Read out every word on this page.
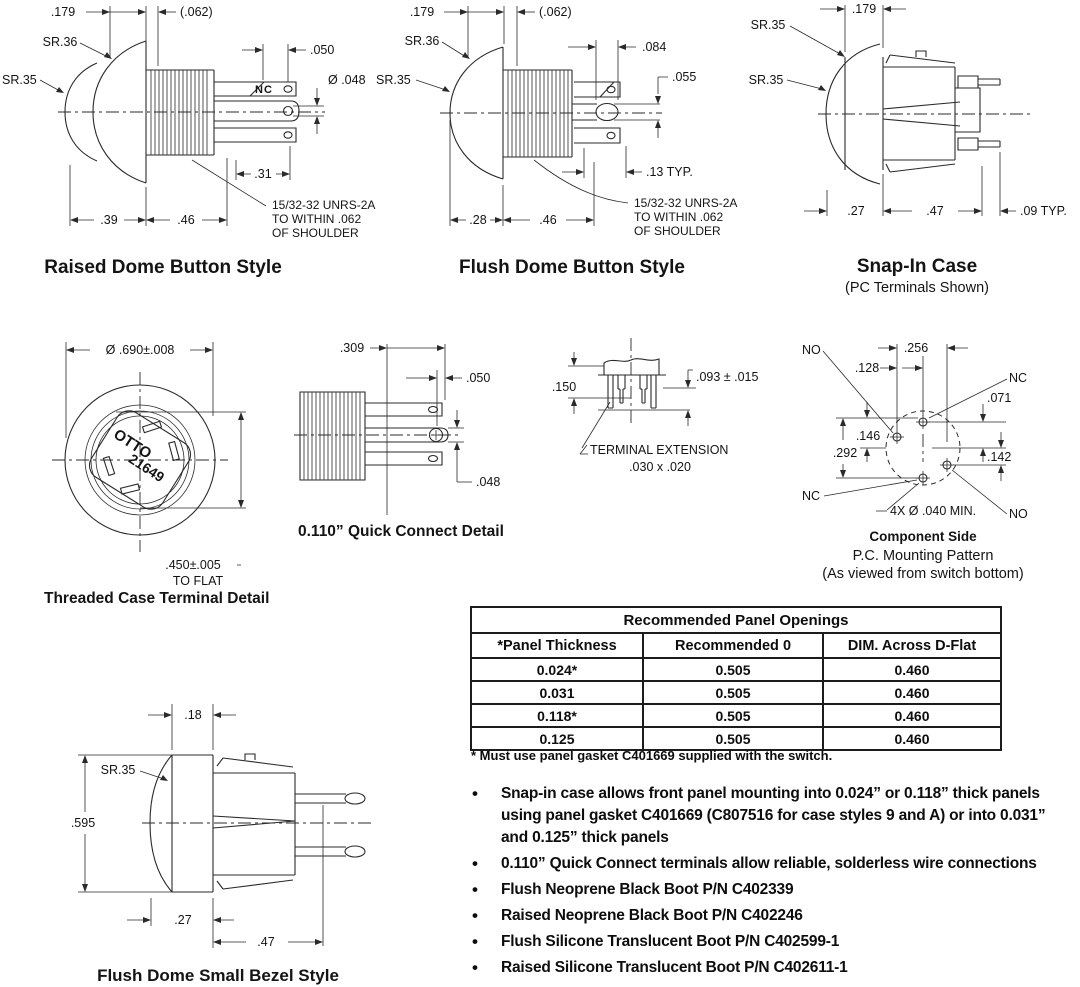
.179	(.062)
SR.36
SR.35
.050
Ø .048
NC
.31
.39	.46
15/32-32 UNRS-2A
TO WITHIN .062
OF SHOULDER
Raised Dome Button Style
.179	(.062)
SR.36
SR.35
.084
.055
.13 TYP.
.28	.46
15/32-32 UNRS-2A
TO WITHIN .062
OF SHOULDER
Flush Dome Button Style
.179
SR.35
SR.35
.27	.47	.09 TYP.
Snap-In Case
(PC Terminals Shown)
Ø .690±.008
OTTO
21649
.450±.005
TO FLAT
Threaded Case Terminal Detail
.309
.050
.048
0.110” Quick Connect Detail
.150
.093 ± .015
TERMINAL EXTENSION
.030 x .020
NO
NC
NC
NO
.256
.128
.071
.142
.146
.292
4X Ø .040 MIN.
Component Side
P.C. Mounting Pattern
(As viewed from switch bottom)
.18
SR.35
.595
.27
.47
Flush Dome Small Bezel Style
Recommended Panel Openings		
*Panel Thickness	Recommended 0	DIM. Across D-Flat
0.024*	0.505	0.460
0.031	0.505	0.460
0.118*	0.505	0.460
0.125	0.505	0.460
* Must use panel gasket C401669 supplied with the switch.
• Snap-in case allows front panel mounting into 0.024” or 0.118” thick panels using panel gasket C401669 (C807516 for case styles 9 and A) or into 0.031” and 0.125” thick panels
• 0.110” Quick Connect terminals allow reliable, solderless wire connections
• Flush Neoprene Black Boot P/N C402339
• Raised Neoprene Black Boot P/N C402246
• Flush Silicone Translucent Boot P/N C402599-1
• Raised Silicone Translucent Boot P/N C402611-1
